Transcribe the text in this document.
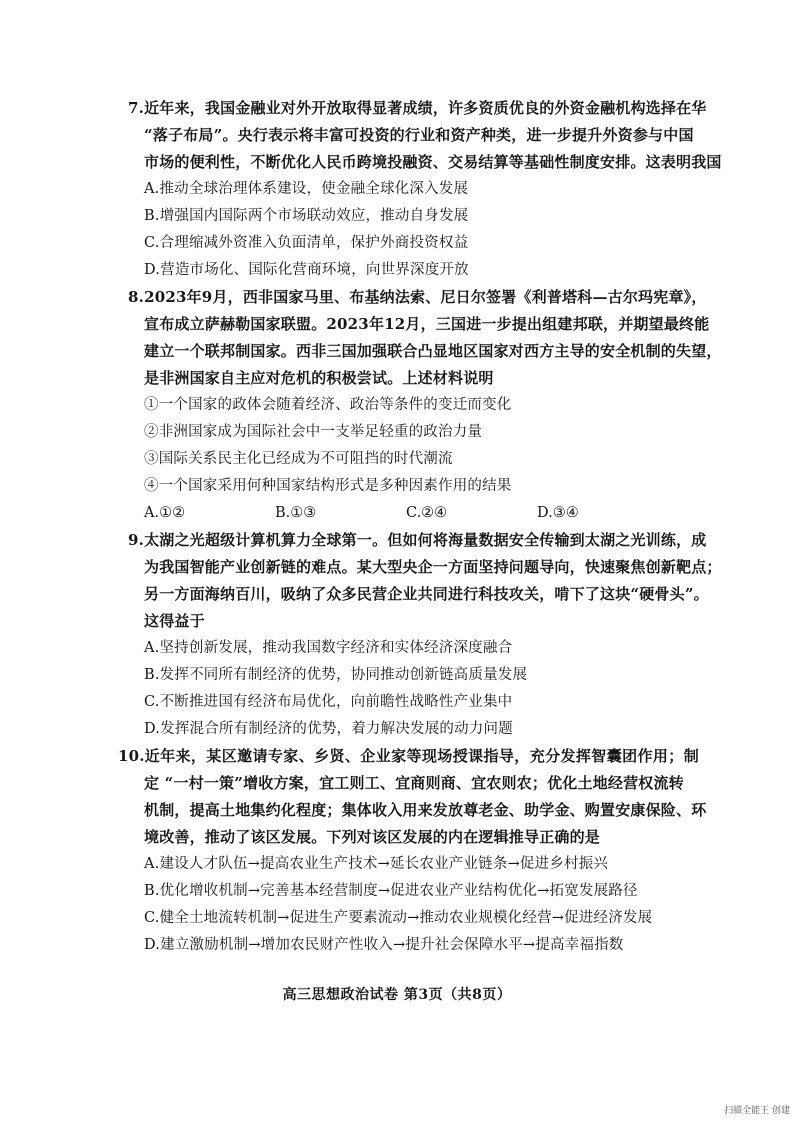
7.近年来，我国金融业对外开放取得显著成绩，许多资质优良的外资金融机构选择在华
“落子布局”。央行表示将丰富可投资的行业和资产种类，进一步提升外资参与中国
市场的便利性，不断优化人民币跨境投融资、交易结算等基础性制度安排。这表明我国
A.推动全球治理体系建设，使金融全球化深入发展
B.增强国内国际两个市场联动效应，推动自身发展
C.合理缩减外资准入负面清单，保护外商投资权益
D.营造市场化、国际化营商环境，向世界深度开放
8.2023年9月，西非国家马里、布基纳法索、尼日尔签署《利普塔科—古尔玛宪章》，
宣布成立萨赫勒国家联盟。2023年12月，三国进一步提出组建邦联，并期望最终能
建立一个联邦制国家。西非三国加强联合凸显地区国家对西方主导的安全机制的失望，
是非洲国家自主应对危机的积极尝试。上述材料说明
①一个国家的政体会随着经济、政治等条件的变迁而变化
②非洲国家成为国际社会中一支举足轻重的政治力量
③国际关系民主化已经成为不可阻挡的时代潮流
④一个国家采用何种国家结构形式是多种因素作用的结果
A.①②	B.①③	C.②④	D.③④
9.太湖之光超级计算机算力全球第一。但如何将海量数据安全传输到太湖之光训练，成
为我国智能产业创新链的难点。某大型央企一方面坚持问题导向，快速聚焦创新靶点；
另一方面海纳百川，吸纳了众多民营企业共同进行科技攻关，啃下了这块“硬骨头”。
这得益于
A.坚持创新发展，推动我国数字经济和实体经济深度融合
B.发挥不同所有制经济的优势，协同推动创新链高质量发展
C.不断推进国有经济布局优化，向前瞻性战略性产业集中
D.发挥混合所有制经济的优势，着力解决发展的动力问题
10.近年来，某区邀请专家、乡贤、企业家等现场授课指导，充分发挥智囊团作用；制
定 “一村一策”增收方案，宜工则工、宜商则商、宜农则农；优化土地经营权流转
机制，提高土地集约化程度；集体收入用来发放尊老金、助学金、购置安康保险、环
境改善，推动了该区发展。下列对该区发展的内在逻辑推导正确的是
A.建设人才队伍→提高农业生产技术→延长农业产业链条→促进乡村振兴
B.优化增收机制→完善基本经营制度→促进农业产业结构优化→拓宽发展路径
C.健全土地流转机制→促进生产要素流动→推动农业规模化经营→促进经济发展
D.建立激励机制→增加农民财产性收入→提升社会保障水平→提高幸福指数
高三思想政治试卷 第3页（共8页）
扫描全能王 创建
